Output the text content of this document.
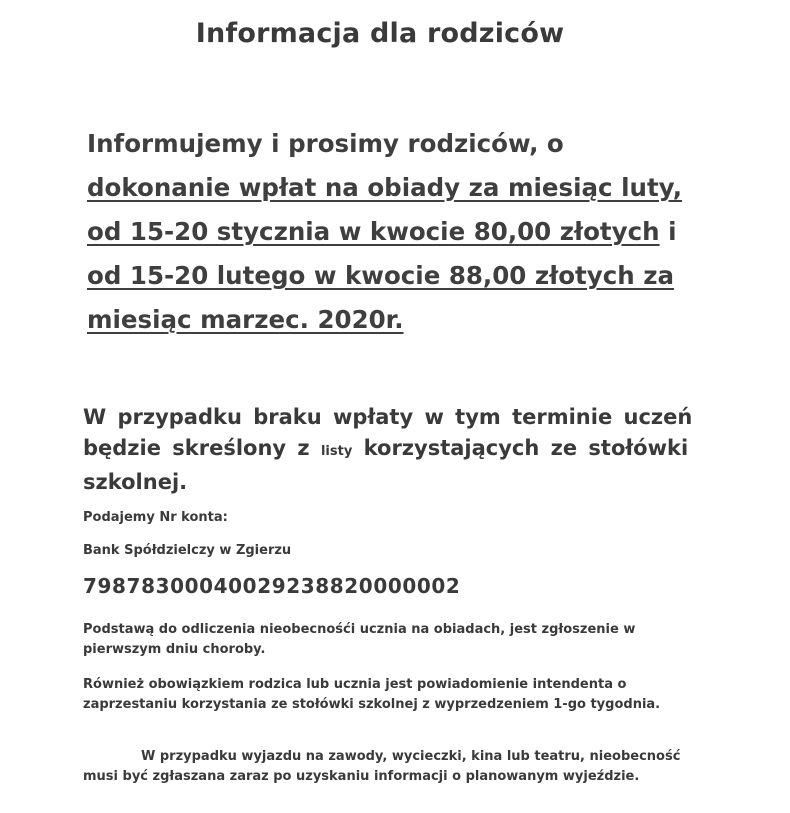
Informacja dla rodziców
Informujemy i prosimy rodziców, o
dokonanie wpłat na obiady za miesiąc luty,
od 15-20 stycznia w kwocie 80,00 złotych i
od 15-20 lutego w kwocie 88,00 złotych za
miesiąc marzec. 2020r.
W przypadku braku wpłaty w tym terminie uczeń będzie skreślony z listy korzystających ze stołówki szkolnej.
Podajemy Nr konta:
Bank Spółdzielczy w Zgierzu
79878300040029238820000002
Podstawą do odliczenia nieobecnośći ucznia na obiadach, jest zgłoszenie w pierwszym dniu choroby.
Również obowiązkiem rodzica lub ucznia jest powiadomienie intendenta o zaprzestaniu korzystania ze stołówki szkolnej z wyprzedzeniem 1-go tygodnia.
W przypadku wyjazdu na zawody, wycieczki, kina lub teatru, nieobecność musi być zgłaszana zaraz po uzyskaniu informacji o planowanym wyjeździe.
